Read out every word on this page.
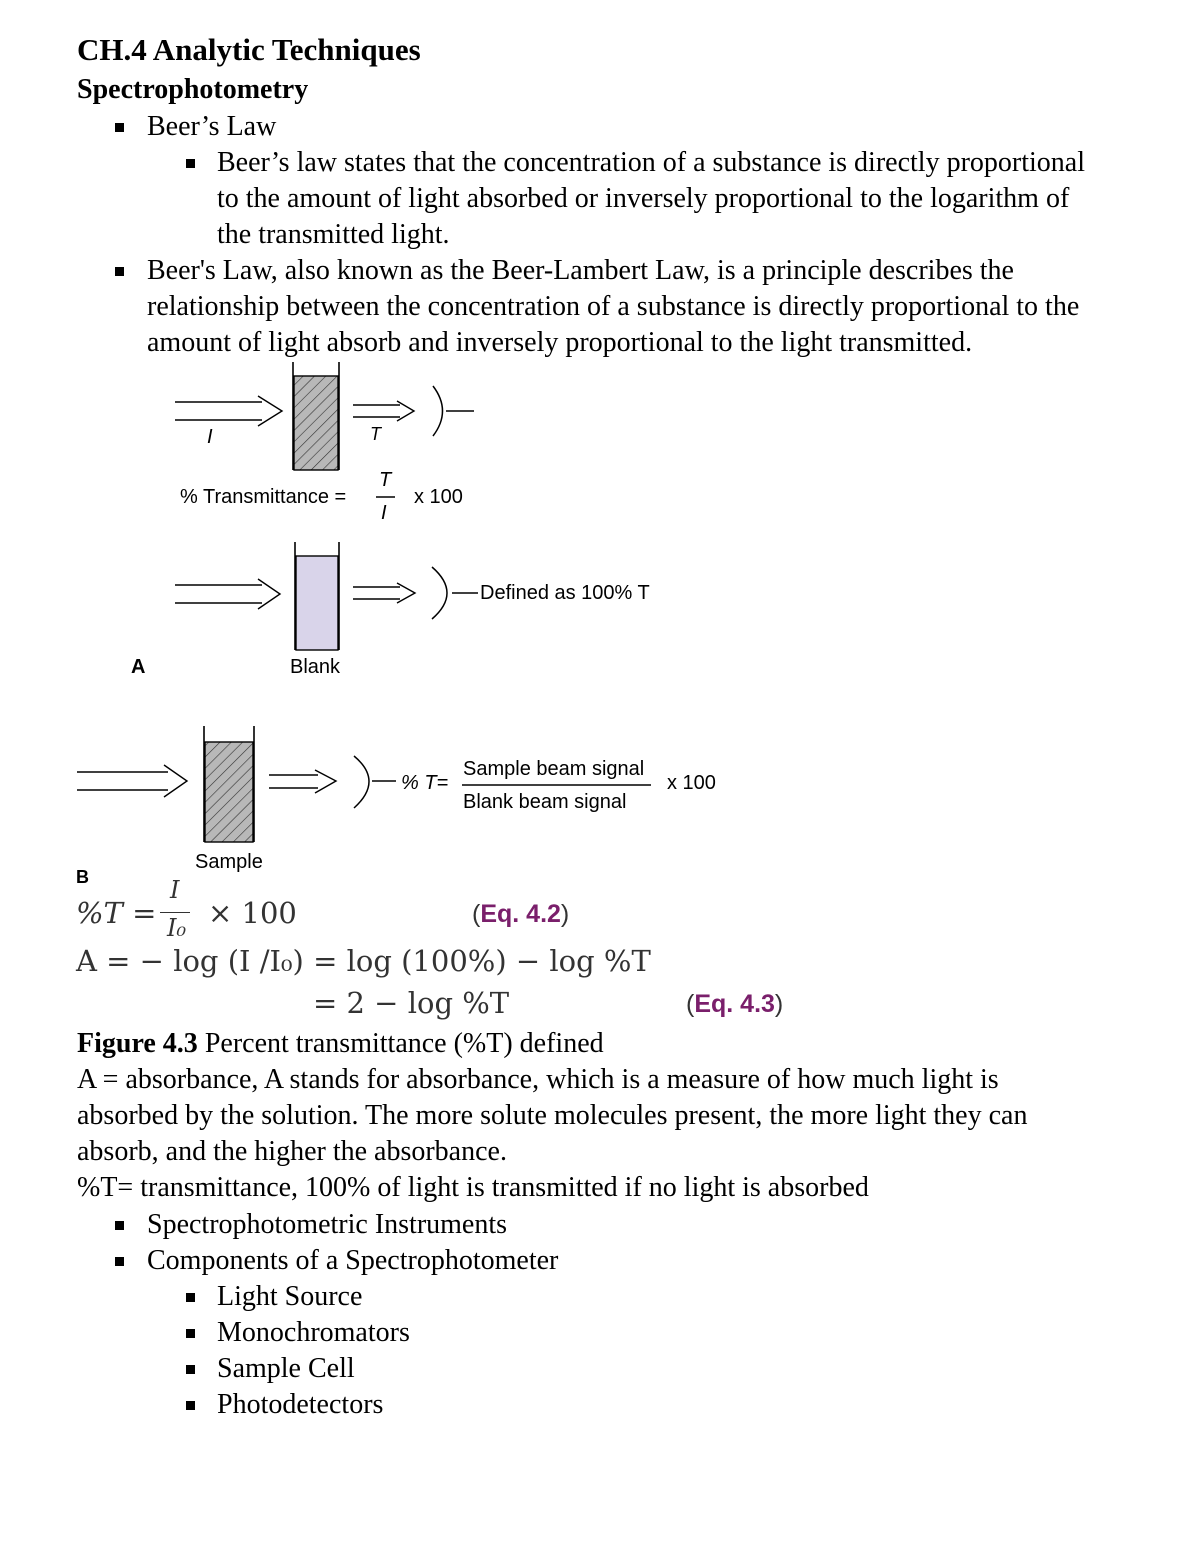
CH.4 Analytic Techniques
Spectrophotometry
Beer’s Law
Beer’s law states that the concentration of a substance is directly proportional
to the amount of light absorbed or inversely proportional to the logarithm of
the transmitted light.
Beer's Law, also known as the Beer-Lambert Law, is a principle describes the
relationship between the concentration of a substance is directly proportional to the
amount of light absorb and inversely proportional to the light transmitted.
I	T
% Transmittance =
T
I
x 100
Defined as 100% T
A	Blank
% T=
Sample beam signal
Blank beam signal
x 100
Sample
B
%T =
I
I₀ × 100	(Eq. 4.2)
A = − log (I /I₀) = log (100%) − log %T
= 2 − log %T	(Eq. 4.3)
Figure 4.3 Percent transmittance (%T) defined
A = absorbance, A stands for absorbance, which is a measure of how much light is
absorbed by the solution. The more solute molecules present, the more light they can
absorb, and the higher the absorbance.
%T= transmittance, 100% of light is transmitted if no light is absorbed
Spectrophotometric Instruments
Components of a Spectrophotometer
Light Source
Monochromators
Sample Cell
Photodetectors
